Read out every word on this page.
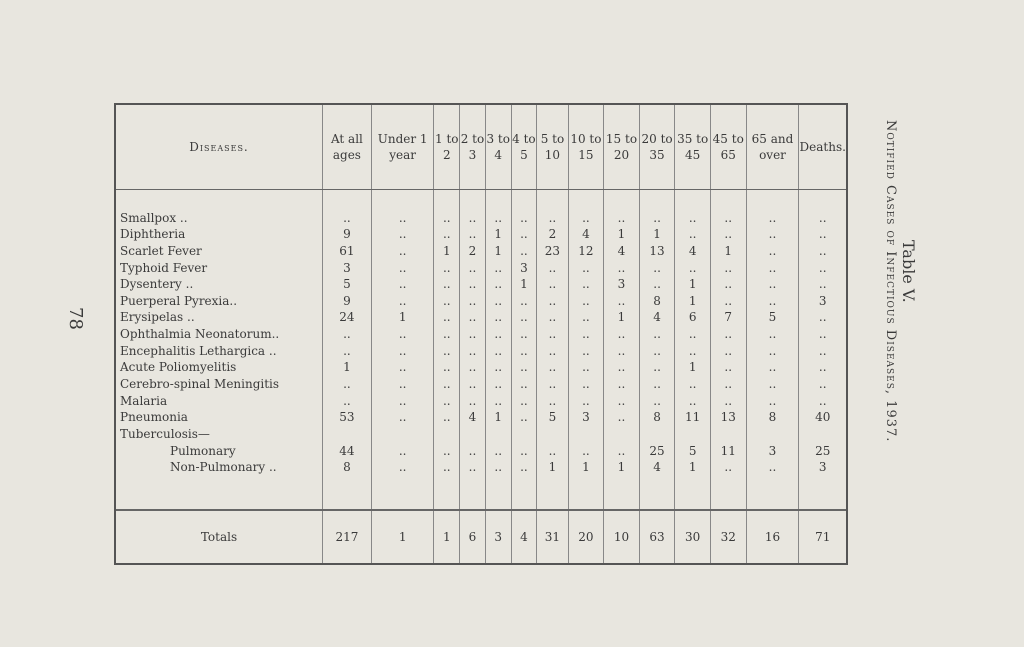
78
Table V.
Notified Cases of Infectious Diseases, 1937.
Diseases.	At all ages	Under 1 year	1 to 2	2 to 3	3 to 4	4 to 5	5 to 10	10 to 15	15 to 20	20 to 35	35 to 45	45 to 65	65 and over	Deaths.

Smallpox ..	..	..	..	..	..	..	..	..	..	..	..	..	..	..
Diphtheria	9	..	..	..	1	..	2	4	1	1	..	..	..	..
Scarlet Fever	61	..	1	2	1	..	23	12	4	13	4	1	..	..
Typhoid Fever	3	..	..	..	..	3	..	..	..	..	..	..	..	..
Dysentery ..	5	..	..	..	..	1	..	..	3	..	1	..	..	..
Puerperal Pyrexia..	9	..	..	..	..	..	..	..	..	8	1	..	..	3
Erysipelas ..	24	1	..	..	..	..	..	..	1	4	6	7	5	..
Ophthalmia Neonatorum..	..	..	..	..	..	..	..	..	..	..	..	..	..	..
Encephalitis Lethargica ..	..	..	..	..	..	..	..	..	..	..	..	..	..	..
Acute Poliomyelitis	1	..	..	..	..	..	..	..	..	..	1	..	..	..
Cerebro-spinal Meningitis	..	..	..	..	..	..	..	..	..	..	..	..	..	..
Malaria	..	..	..	..	..	..	..	..	..	..	..	..	..	..
Pneumonia	53	..	..	4	1	..	5	3	..	8	11	13	8	40
Tuberculosis—														
Pulmonary	44	..	..	..	..	..	..	..	..	25	5	11	3	25
Non-Pulmonary ..	8	..	..	..	..	..	1	1	1	4	1	..	..	3

Totals	217	1	1	6	3	4	31	20	10	63	30	32	16	71
